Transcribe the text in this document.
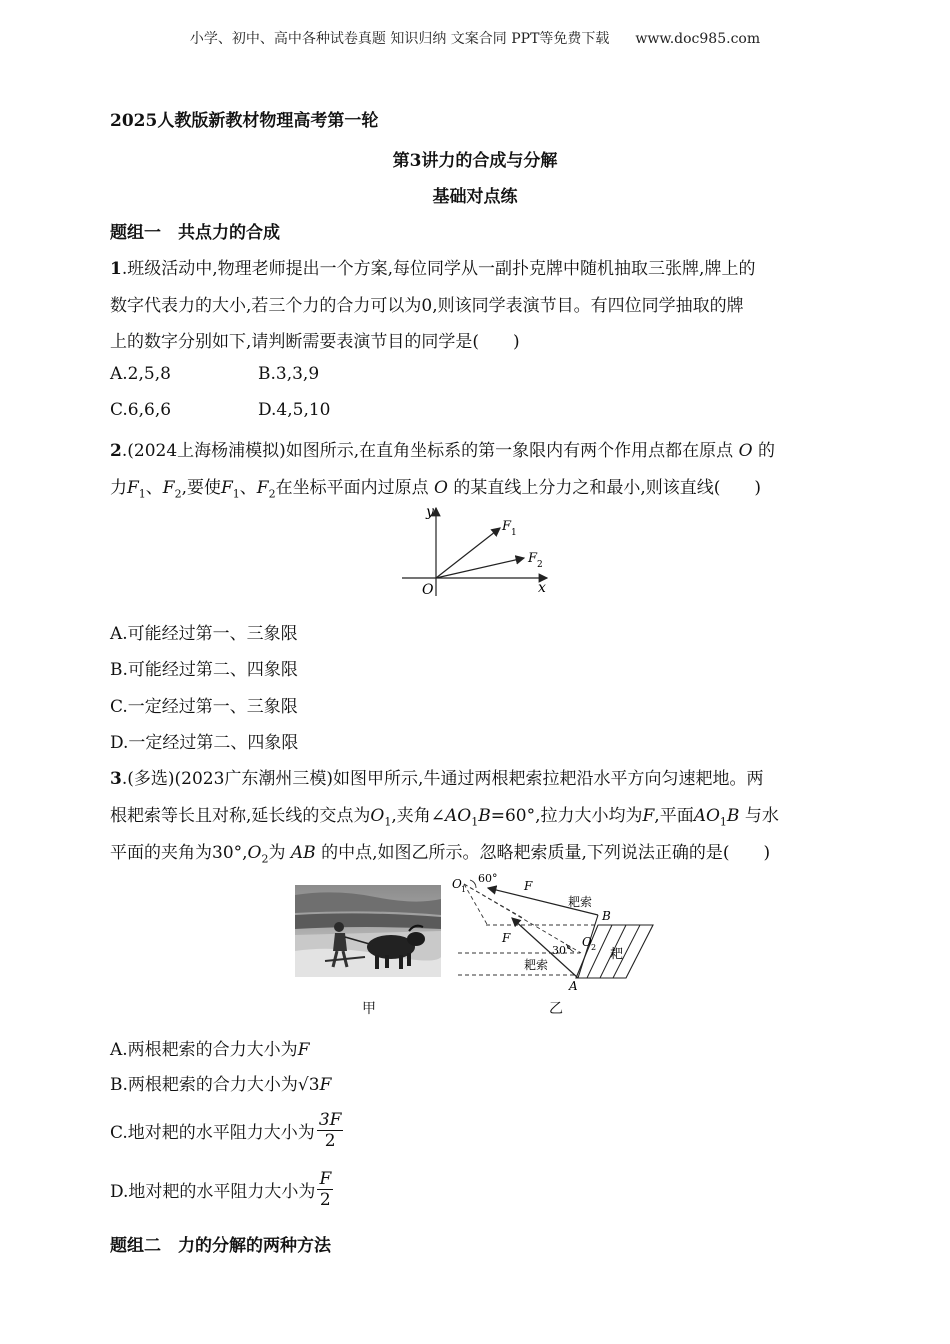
小学、初中、高中各种试卷真题 知识归纳 文案合同 PPT等免费下载 www.doc985.com
2025人教版新教材物理高考第一轮
第3讲力的合成与分解
基础对点练
题组一　共点力的合成
1.班级活动中,物理老师提出一个方案,每位同学从一副扑克牌中随机抽取三张牌,牌上的
数字代表力的大小,若三个力的合力可以为0,则该同学表演节目。有四位同学抽取的牌
上的数字分别如下,请判断需要表演节目的同学是(　　)
A.2,5,8	B.3,3,9
C.6,6,6	D.4,5,10
2.(2024上海杨浦模拟)如图所示,在直角坐标系的第一象限内有两个作用点都在原点 O 的
力$F_1$、$F_2$,要使$F_1$、$F_2$在坐标平面内过原点 O 的某直线上分力之和最小,则该直线(　　)
y
x
O
F 1
F 2
A.可能经过第一、三象限
B.可能经过第二、四象限
C.一定经过第一、三象限
D.一定经过第二、四象限
3.(多选)(2023广东潮州三模)如图甲所示,牛通过两根耙索拉耙沿水平方向匀速耙地。两
根耙索等长且对称,延长线的交点为$O_1$,夹角$\angle AO_1B=60^\circ$,拉力大小均为F,平面$AO_1B$ 与水
平面的夹角为$30^\circ,O_2$为 AB 的中点,如图乙所示。忽略耙索质量,下列说法正确的是(　　)
O 1
60°
F
耙索
B
F
30°
O 2
耙索
耙
A
甲	乙
A.两根耙索的合力大小为F
B.两根耙索的合力大小为√3F
C.地对耙的水平阻力大小为 $\frac{3F}{2}$
D.地对耙的水平阻力大小为 $\frac{F}{2}$
题组二　力的分解的两种方法
